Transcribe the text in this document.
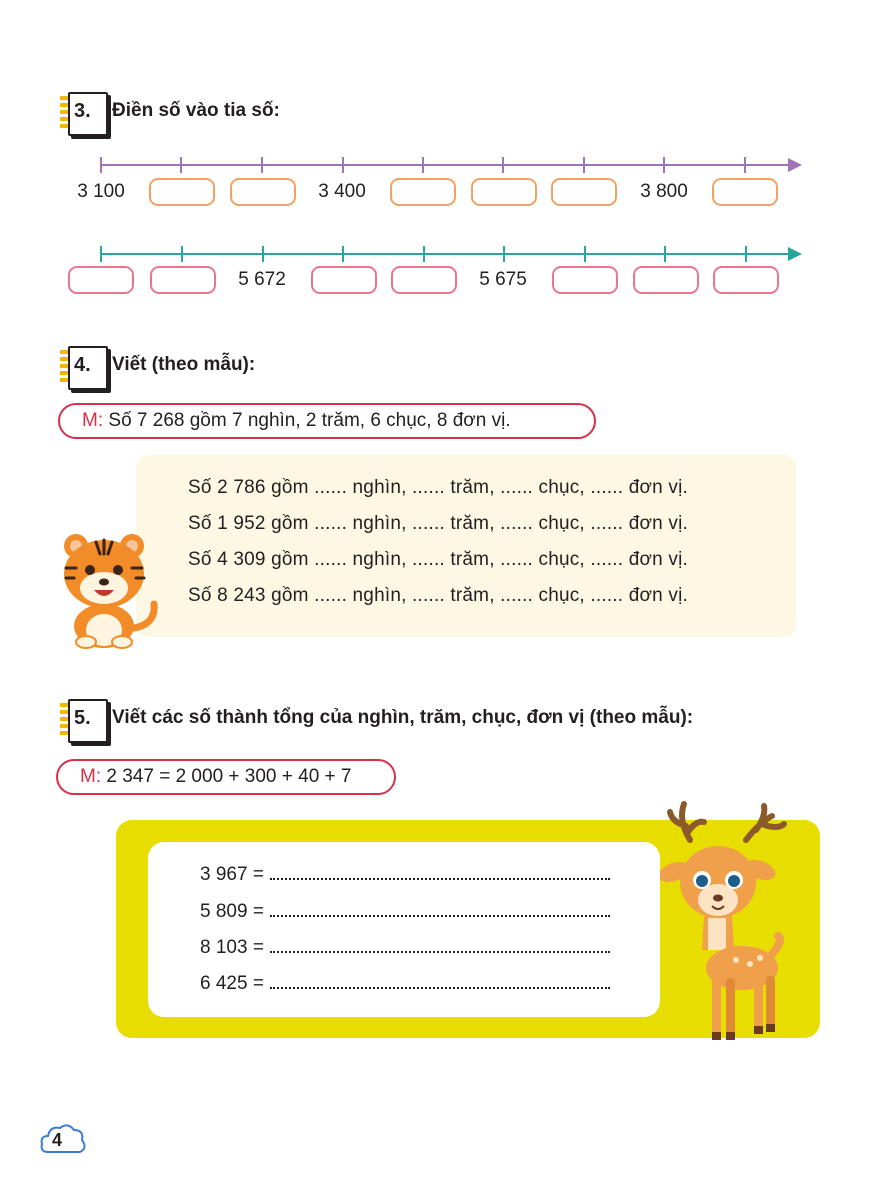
3. Điền số vào tia số:
3 100	3 400	3 800
5 672	5 675
4. Viết (theo mẫu):
M: Số 7 268 gồm 7 nghìn, 2 trăm, 6 chục, 8 đơn vị.
Số 2 786 gồm ...... nghìn, ...... trăm, ...... chục, ...... đơn vị.
Số 1 952 gồm ...... nghìn, ...... trăm, ...... chục, ...... đơn vị.
Số 4 309 gồm ...... nghìn, ...... trăm, ...... chục, ...... đơn vị.
Số 8 243 gồm ...... nghìn, ...... trăm, ...... chục, ...... đơn vị.
5. Viết các số thành tổng của nghìn, trăm, chục, đơn vị (theo mẫu):
M: 2 347 = 2 000 + 300 + 40 + 7
3 967 =
5 809 =
8 103 =
6 425 =
4
